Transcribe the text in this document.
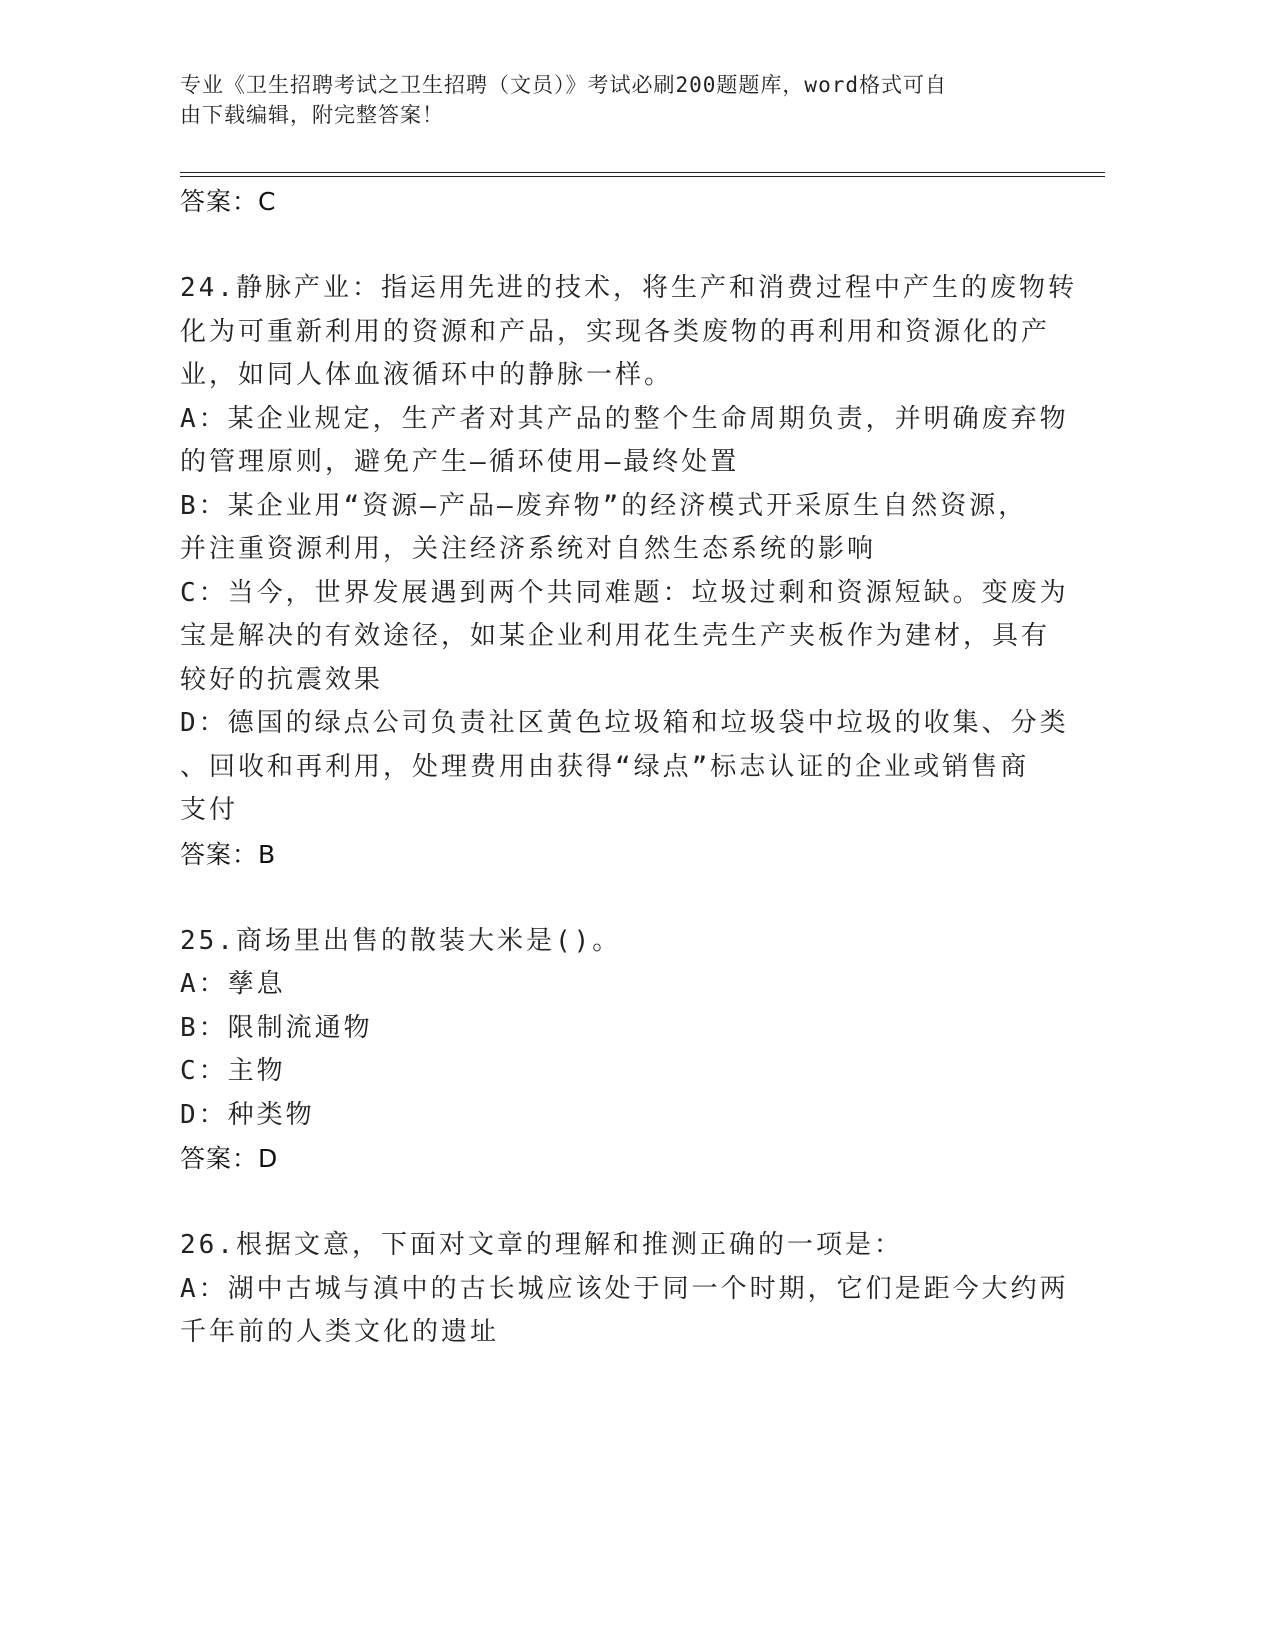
专业《卫生招聘考试之卫生招聘（文员）》考试必刷200题题库，word格式可自
由下载编辑，附完整答案！
答案：C
24.静脉产业：指运用先进的技术，将生产和消费过程中产生的废物转
化为可重新利用的资源和产品，实现各类废物的再利用和资源化的产
业，如同人体血液循环中的静脉一样。
A：某企业规定，生产者对其产品的整个生命周期负责，并明确废弃物
的管理原则，避免产生—循环使用—最终处置
B：某企业用“资源—产品—废弃物”的经济模式开采原生自然资源，
并注重资源利用，关注经济系统对自然生态系统的影响
C：当今，世界发展遇到两个共同难题：垃圾过剩和资源短缺。变废为
宝是解决的有效途径，如某企业利用花生壳生产夹板作为建材，具有
较好的抗震效果
D：德国的绿点公司负责社区黄色垃圾箱和垃圾袋中垃圾的收集、分类
、回收和再利用，处理费用由获得“绿点”标志认证的企业或销售商
支付
答案：B
25.商场里出售的散装大米是()。
A：孳息
B：限制流通物
C：主物
D：种类物
答案：D
26.根据文意，下面对文章的理解和推测正确的一项是：
A：湖中古城与滇中的古长城应该处于同一个时期，它们是距今大约两
千年前的人类文化的遗址
